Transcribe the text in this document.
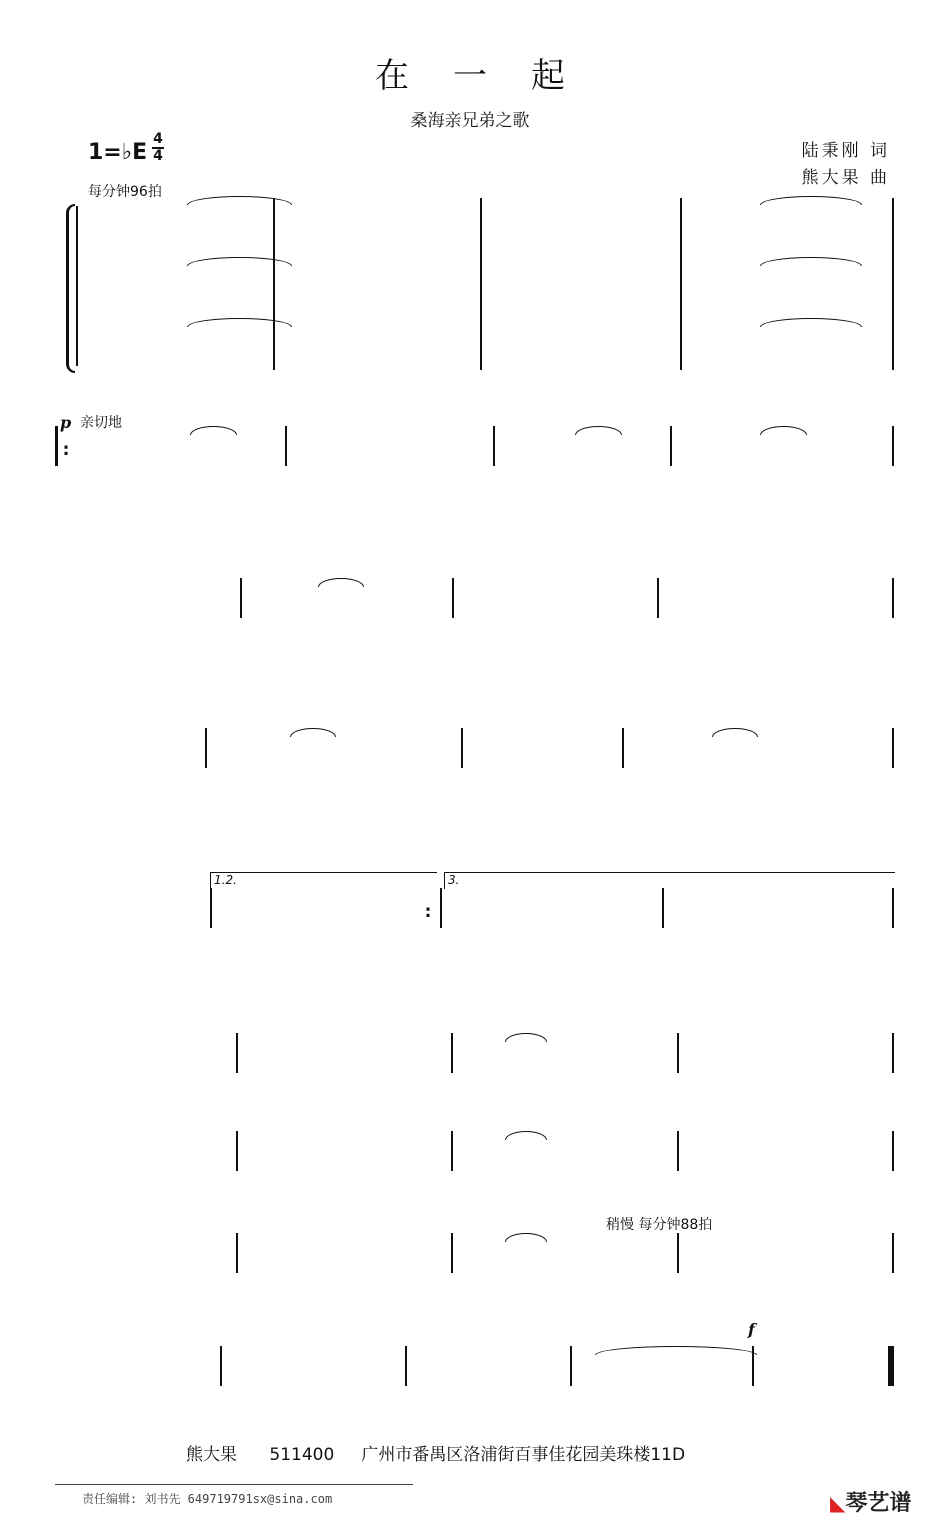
在一起
桑海亲兄弟之歌
1=♭E
4
4
每分钟96拍
陆秉刚 词
熊大果 曲
p 亲切地
稍慢 每分钟88拍
f
1.2.	3.
:
:
熊大果      511400     广州市番禺区洛浦街百事佳花园美珠楼11D
责任编辑: 刘书先 649719791sx@sina.com	◣琴艺谱
